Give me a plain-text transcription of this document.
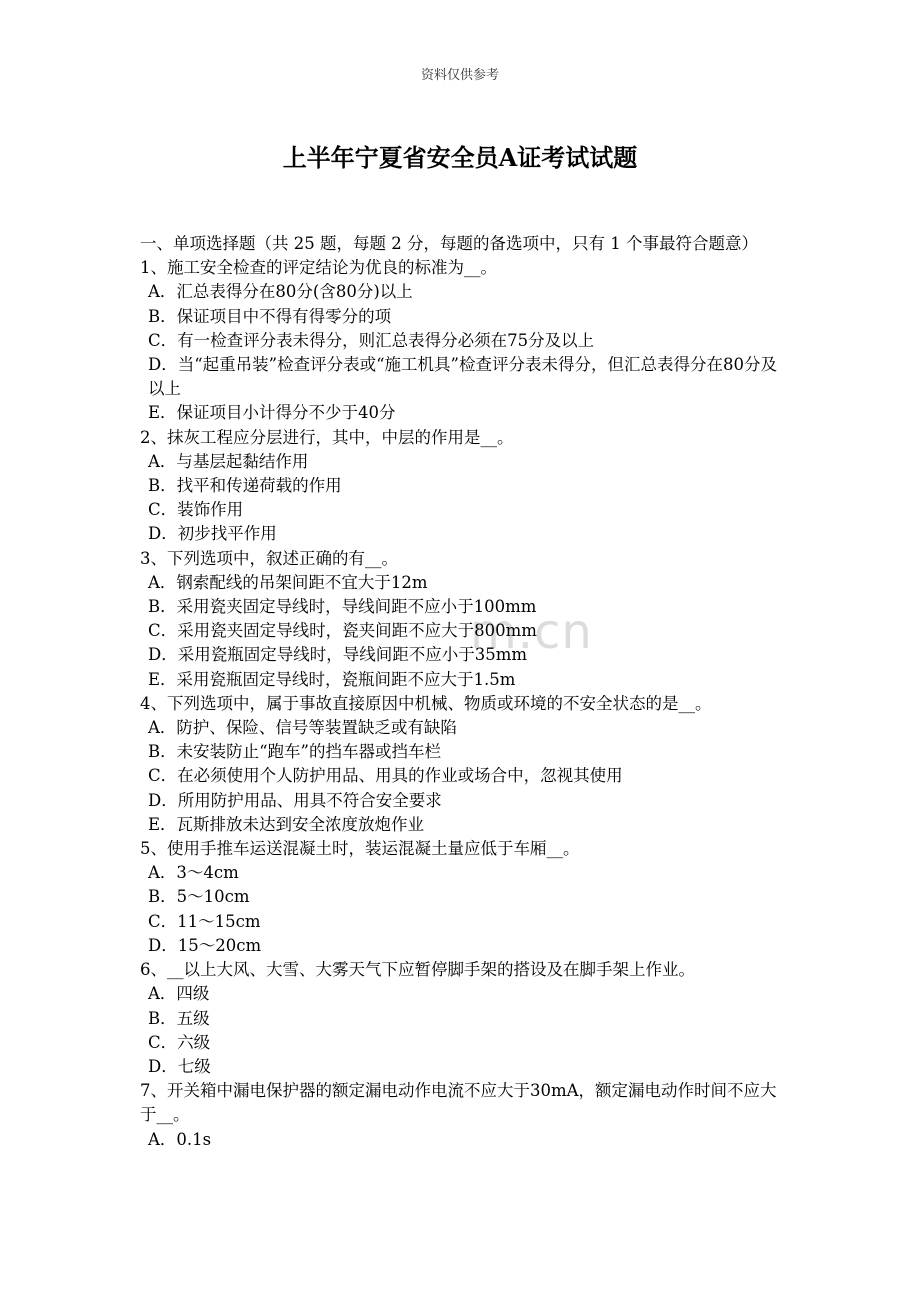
资料仅供参考
上半年宁夏省安全员A证考试试题
m.cn

一、单项选择题（共 25 题，每题 2 分，每题的备选项中，只有 1 个事最符合题意）

1、施工安全检查的评定结论为优良的标准为__。

A．汇总表得分在80分(含80分)以上

B．保证项目中不得有得零分的项

C．有一检查评分表未得分，则汇总表得分必须在75分及以上

D．当“起重吊装”检查评分表或“施工机具”检查评分表未得分，但汇总表得分在80分及以上

E．保证项目小计得分不少于40分

2、抹灰工程应分层进行，其中，中层的作用是__。

A．与基层起黏结作用

B．找平和传递荷载的作用

C．装饰作用

D．初步找平作用

3、下列选项中，叙述正确的有__。

A．钢索配线的吊架间距不宜大于12m

B．采用瓷夹固定导线时，导线间距不应小于100mm

C．采用瓷夹固定导线时，瓷夹间距不应大于800mm

D．采用瓷瓶固定导线时，导线间距不应小于35mm

E．采用瓷瓶固定导线时，瓷瓶间距不应大于1.5m

4、下列选项中，属于事故直接原因中机械、物质或环境的不安全状态的是__。

A．防护、保险、信号等装置缺乏或有缺陷

B．未安装防止“跑车”的挡车器或挡车栏

C．在必须使用个人防护用品、用具的作业或场合中，忽视其使用

D．所用防护用品、用具不符合安全要求

E．瓦斯排放未达到安全浓度放炮作业

5、使用手推车运送混凝土时，装运混凝土量应低于车厢__。

A．3～4cm

B．5～10cm

C．11～15cm

D．15～20cm

6、__以上大风、大雪、大雾天气下应暂停脚手架的搭设及在脚手架上作业。

A．四级

B．五级

C．六级

D．七级

7、开关箱中漏电保护器的额定漏电动作电流不应大于30mA，额定漏电动作时间不应大于__。

A．0.1s
